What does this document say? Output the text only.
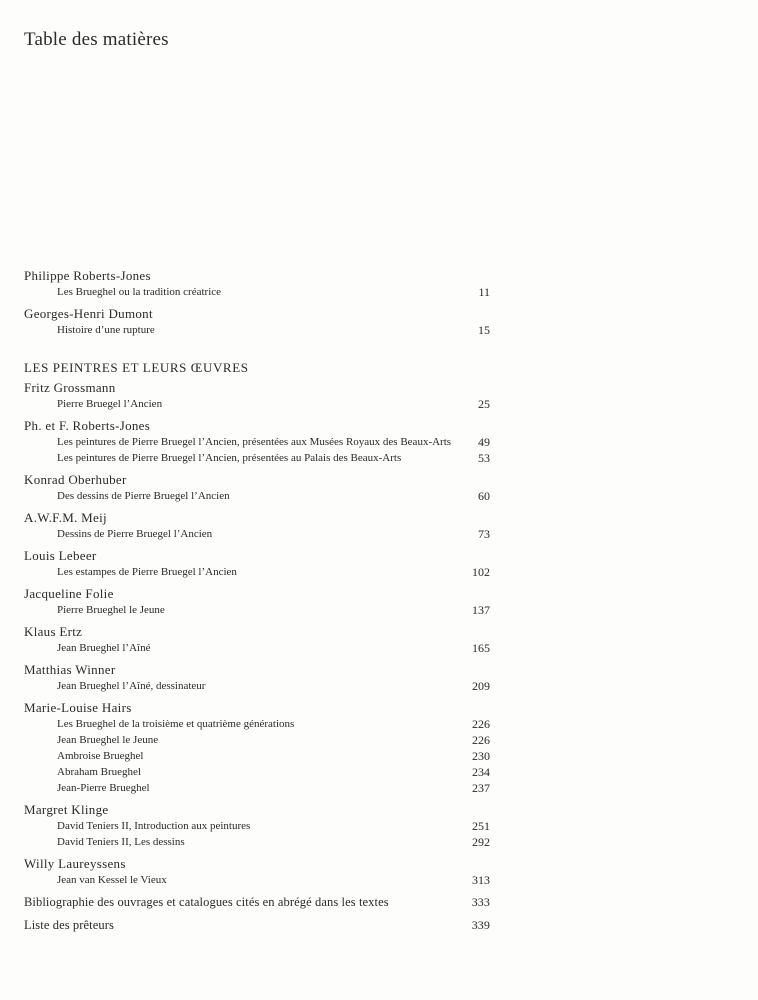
Table des matières
Philippe Roberts-Jones
Les Brueghel ou la tradition créatrice	11
Georges-Henri Dumont
Histoire d’une rupture	15
LES PEINTRES ET LEURS ŒUVRES
Fritz Grossmann
Pierre Bruegel l’Ancien	25
Ph. et F. Roberts-Jones
Les peintures de Pierre Bruegel l’Ancien, présentées aux Musées Royaux des Beaux-Arts 49
Les peintures de Pierre Bruegel l’Ancien, présentées au Palais des Beaux-Arts	53
Konrad Oberhuber
Des dessins de Pierre Bruegel l’Ancien	60
A.W.F.M. Meij
Dessins de Pierre Bruegel l’Ancien	73
Louis Lebeer
Les estampes de Pierre Bruegel l’Ancien	102
Jacqueline Folie
Pierre Brueghel le Jeune	137
Klaus Ertz
Jean Brueghel l’Aîné	165
Matthias Winner
Jean Brueghel l’Aîné, dessinateur	209
Marie-Louise Hairs
Les Brueghel de la troisième et quatrième générations	226
Jean Brueghel le Jeune	226
Ambroise Brueghel	230
Abraham Brueghel	234
Jean-Pierre Brueghel	237
Margret Klinge
David Teniers II, Introduction aux peintures	251
David Teniers II, Les dessins	292
Willy Laureyssens
Jean van Kessel le Vieux	313
Bibliographie des ouvrages et catalogues cités en abrégé dans les textes	333
Liste des prêteurs	339
